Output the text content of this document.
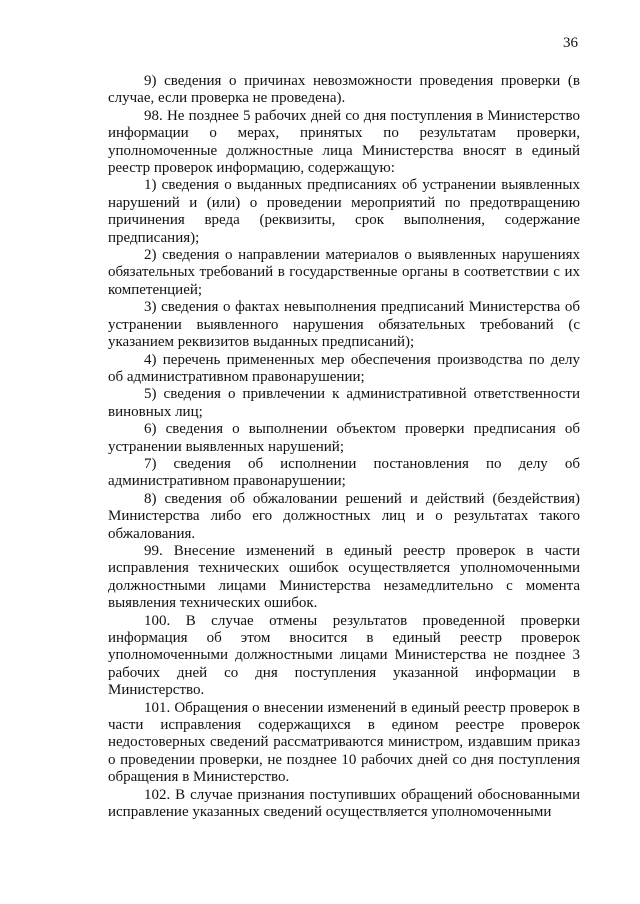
36

9) сведения о причинах невозможности проведения проверки (в случае, если проверка не проведена).

98. Не позднее 5 рабочих дней со дня поступления в Министерство информации о мерах, принятых по результатам проверки, уполномоченные должностные лица Министерства вносят в единый реестр проверок информацию, содержащую:

1) сведения о выданных предписаниях об устранении выявленных нарушений и (или) о проведении мероприятий по предотвращению причинения вреда (реквизиты, срок выполнения, содержание предписания);

2) сведения о направлении материалов о выявленных нарушениях обязательных требований в государственные органы в соответствии с их компетенцией;

3) сведения о фактах невыполнения предписаний Министерства об устранении выявленного нарушения обязательных требований (с указанием реквизитов выданных предписаний);

4) перечень примененных мер обеспечения производства по делу об административном правонарушении;

5) сведения о привлечении к административной ответственности виновных лиц;

6) сведения о выполнении объектом проверки предписания об устранении выявленных нарушений;

7) сведения об исполнении постановления по делу об административном правонарушении;

8) сведения об обжаловании решений и действий (бездействия) Министерства либо его должностных лиц и о результатах такого обжалования.

99. Внесение изменений в единый реестр проверок в части исправления технических ошибок осуществляется уполномоченными должностными лицами Министерства незамедлительно с момента выявления технических ошибок.

100. В случае отмены результатов проведенной проверки информация об этом вносится в единый реестр проверок уполномоченными должностными лицами Министерства не позднее 3 рабочих дней со дня поступления указанной информации в Министерство.

101. Обращения о внесении изменений в единый реестр проверок в части исправления содержащихся в едином реестре проверок недостоверных сведений рассматриваются министром, издавшим приказ о проведении проверки, не позднее 10 рабочих дней со дня поступления обращения в Министерство.

102. В случае признания поступивших обращений обоснованными исправление указанных сведений осуществляется уполномоченными
